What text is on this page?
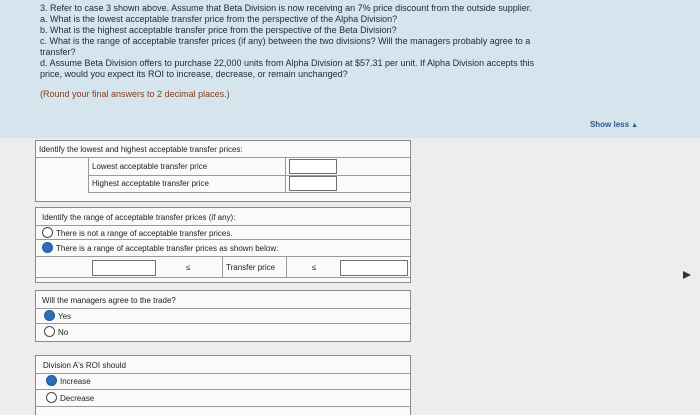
3. Refer to case 3 shown above. Assume that Beta Division is now receiving an 7% price discount from the outside supplier.
a. What is the lowest acceptable transfer price from the perspective of the Alpha Division?
b. What is the highest acceptable transfer price from the perspective of the Beta Division?
c. What is the range of acceptable transfer prices (if any) between the two divisions? Will the managers probably agree to a
transfer?
d. Assume Beta Division offers to purchase 22,000 units from Alpha Division at $57.31 per unit. If Alpha Division accepts this
price, would you expect its ROI to increase, decrease, or remain unchanged?
(Round your final answers to 2 decimal places.)
Show less ▲
Identify the lowest and highest acceptable transfer prices:
Lowest acceptable transfer price
Highest acceptable transfer price
Identify the range of acceptable transfer prices (if any):
There is not a range of acceptable transfer prices.
There is a range of acceptable transfer prices as shown below:
≤	Transfer price	≤
Will the managers agree to the trade?
Yes
No
Division A's ROI should
Increase
Decrease
